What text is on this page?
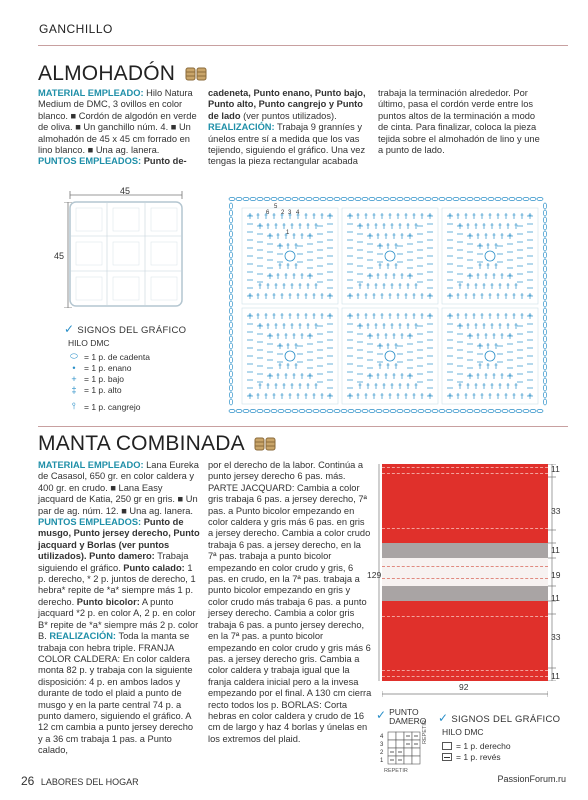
GANCHILLO
ALMOHADÓN
MATERIAL EMPLEADO: Hilo Natura Medium de DMC, 3 ovillos en color blanco. ■ Cordón de algodón en verde de oliva. ■ Un ganchillo núm. 4. ■ Un almohadón de 45 x 45 cm forrado en lino blanco. ■ Una ag. lanera. PUNTOS EMPLEADOS: Punto de-
cadeneta, Punto enano, Punto bajo, Punto alto, Punto cangrejo y Punto de lado (ver puntos utilizados). REALIZACIÓN: Trabaja 9 granníes y únelos entre sí a medida que los vas tejiendo, siguiendo el gráfico. Una vez tengas la pieza rectangular acabada
trabaja la terminación alrededor. Por último, pasa el cordón verde entre los puntos altos de la terminación a modo de cinta. Para finalizar, coloca la pieza tejida sobre el almohadón de lino y une a punto de lado.
45
45
✓ SIGNOS DEL GRÁFICO
HILO DMC
⬭ = 1 p. de cadenta
• = 1 p. enano
+ = 1 p. bajo
‡ = 1 p. alto
⫯ = 1 p. cangrejo
4
3
2
1
5
6
MANTA COMBINADA
MATERIAL EMPLEADO: Lana Eureka de Casasol, 650 gr. en color caldera y 400 gr. en crudo. ■ Lana Easy jacquard de Katia, 250 gr en gris. ■ Un par de ag. núm. 12. ■ Una ag. lanera. PUNTOS EMPLEADOS: Punto de musgo, Punto jersey derecho, Punto jacquard y Borlas (ver puntos utilizados). Punto damero: Trabaja siguiendo el gráfico. Punto calado: 1 p. derecho, * 2 p. juntos de derecho, 1 hebra* repite de *a* siempre más 1 p. derecho. Punto bicolor: A punto jacquard *2 p. en color A, 2 p. en color B* repite de *a* siempre más 2 p. color B. REALIZACIÓN: Toda la manta se trabaja con hebra triple. FRANJA COLOR CALDERA: En color caldera monta 82 p. y trabaja con la siguiente disposición: 4 p. en ambos lados y durante de todo el plaid a punto de musgo y en la parte central 74 p. a punto damero, siguiendo el gráfico. A 12 cm cambia a punto jersey derecho y a 36 cm trabaja 1 pas. a Punto calado,
por el derecho de la labor. Continúa a punto jersey derecho 6 pas. más. PARTE JACQUARD: Cambia a color gris trabaja 6 pas. a jersey derecho, 7ª pas. a Punto bicolor empezando en color caldera y gris más 6 pas. en gris a jersey derecho. Cambia a color crudo trabaja 6 pas. a jersey derecho, en la 7ª pas. trabaja a punto bicolor empezando en color crudo y gris, 6 pas. en crudo, en la 7ª pas. trabaja a punto bicolor empezando en gris y color crudo más trabaja 6 pas. a punto jersey derecho. Cambia a color gris trabaja 6 pas. a punto jersey derecho, en la 7ª pas. a punto bicolor empezando en color crudo y gris más 6 pas. a jersey derecho gris. Cambia a color caldera y trabaja igual que la franja caldera inicial pero a la invesa empezando por el final. A 130 cm cierra recto todos los p. BORLAS: Corta hebras en color caldera y crudo de 16 cm de largo y haz 4 borlas y únelas en los extremos del plaid.
11
33
11
19
11
33
11
129
92
✓ PUNTO
DAMERO
4
3
2
1
REPETIR
REPETIR
✓ SIGNOS DEL GRÁFICO
HILO DMC
= 1 p. derecho
= 1 p. revés
26 LABORES DEL HOGAR	PassionForum.ru
